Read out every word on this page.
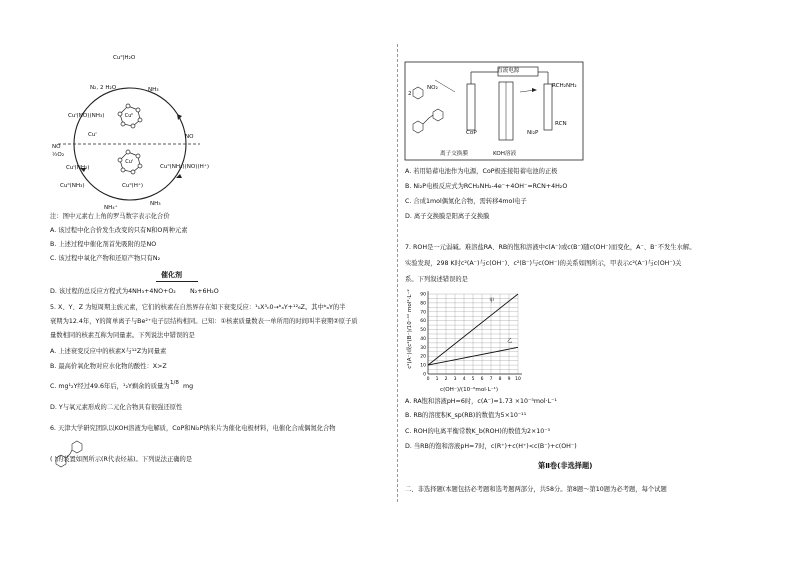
Cuᴵᴵ
Cuᴵ
Cuᴵᴵ|H₂O
N₂, 2 H₂O	NH₃
Cuᴵ(NO)(NH₃)
Cuᴵ	NO
NO
½O₂
Cuᴵ(NH₃)	Cuᴵᴵ(NH₃)(NO)(H⁺)
Cuᴵᴵ(NH₃)	Cuᴵᴵ(H⁺)
NH₃
NH₄⁺
注：图中元素右上角的罗马数字表示化合价
A. 该过程中化合价发生改变的只有N和O两种元素
B. 上述过程中催化剂首先吸附的是NO
C. 该过程中氧化产物和还原产物只有N₂
催化剂
D. 该过程的总反应方程式为4NH₃+4NO+O₂ N₂+6H₂O
5. X、Y、Z 为短周期主族元素，它们的核素在自然界存在如下衰变反应：¹₁X³ₙ0→ᵇₐY+¹²₆Z。其中ᵇₐY的半
衰期为12.4年，Y的简单离子与Be²⁺电子层结构相同。已知：①核素质量数表一单所用的时间叫半衰期②原子质
量数相同的核素互称为同量素。下列说法中错误的是
A. 上述衰变反应中的核素X与¹²Z为同量素
B. 最高价氧化物对应水化物的酸性：X>Z
C. mg¹₂Y经过49.6年后，¹₂Y剩余的质量为 1/8 mg
D. Y与氧元素形成的二元化合物具有很强还原性
6. 天津大学研究团队以KOH溶液为电解质，CoP和Ni₂P纳米片为催化电极材料，电催化合成偶氮化合物
( )的装置如图所示(R代表烃基)。下列说法正确的是
直流电源
2
NO₂	RCH₂NH₂
RCN
CoP	Ni₂P
离子交换膜	KOH溶液
A. 若用铅蓄电池作为电源，CoP极连接铅蓄电池的正极
B. Ni₂P电极反应式为RCH₂NH₂-4e⁻+4OH⁻=RCN+4H₂O
C. 合成1mol偶氮化合物，需转移4mol电子
D. 离子交换膜是阳离子交换膜
7. ROH是一元弱碱。难溶盐RA、RB的饱和溶液中c(A⁻)或c(B⁻)随c(OH⁻)而变化，A⁻、B⁻不发生水解。
实验发现，298 K时c²(A⁻)与c(OH⁻)、c²(B⁻)与c(OH⁻)的关系如图所示，甲表示c²(A⁻)与c(OH⁻)关
系。下列叙述错误的是
c²(A⁻)或c²(B⁻)/10⁻¹⁰ mol²·L⁻²
0 1 2 3 4 5 6 7 8 9 10
0
10
20
30
40
50
60
70
80
90
甲
乙
c(OH⁻)/(10⁻⁶mol·L⁻¹)
A. RA饱和溶液pH=6时，c(A⁻)≈1.73 ×10⁻⁵mol·L⁻¹
B. RB的溶度积K_sp(RB)的数值为5×10⁻¹¹
C. ROH的电离平衡常数K_b(ROH)的数值为2×10⁻⁵
D. 当RB的饱和溶液pH=7时，c(R⁺)+c(H⁺)<c(B⁻)+c(OH⁻)
第Ⅱ卷(非选择题)
二、非选择题(本题包括必考题和选考题两部分，共58分。第8题～第10题为必考题，每个试题
